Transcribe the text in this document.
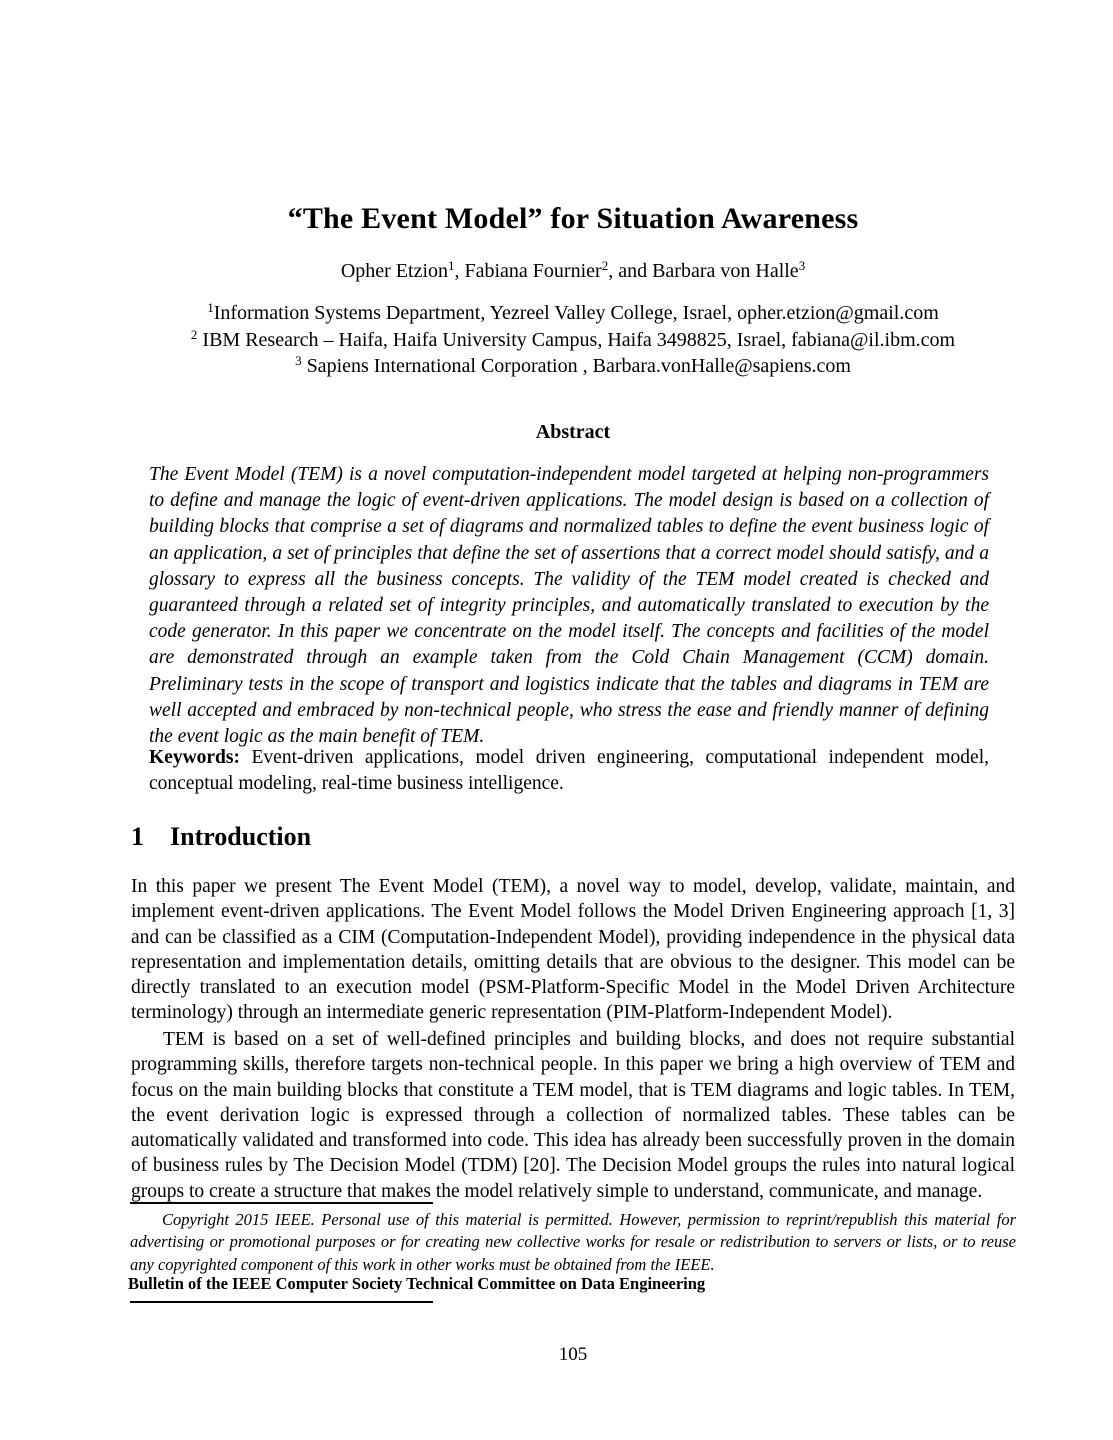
“The Event Model” for Situation Awareness
Opher Etzion$^1$, Fabiana Fournier$^2$, and Barbara von Halle$^3$
$^1$Information Systems Department, Yezreel Valley College, Israel, opher.etzion@gmail.com
$^2$ IBM Research – Haifa, Haifa University Campus, Haifa 3498825, Israel, fabiana@il.ibm.com
$^3$ Sapiens International Corporation , Barbara.vonHalle@sapiens.com
Abstract
The Event Model (TEM) is a novel computation-independent model targeted at helping non-programmers to define and manage the logic of event-driven applications. The model design is based on a collection of building blocks that comprise a set of diagrams and normalized tables to define the event business logic of an application, a set of principles that define the set of assertions that a correct model should satisfy, and a glossary to express all the business concepts. The validity of the TEM model created is checked and guaranteed through a related set of integrity principles, and automatically translated to execution by the code generator. In this paper we concentrate on the model itself. The concepts and facilities of the model are demonstrated through an example taken from the Cold Chain Management (CCM) domain. Preliminary tests in the scope of transport and logistics indicate that the tables and diagrams in TEM are well accepted and embraced by non-technical people, who stress the ease and friendly manner of defining the event logic as the main benefit of TEM.
Keywords: Event-driven applications, model driven engineering, computational independent model, conceptual modeling, real-time business intelligence.
1 Introduction
In this paper we present The Event Model (TEM), a novel way to model, develop, validate, maintain, and implement event-driven applications. The Event Model follows the Model Driven Engineering approach [1, 3] and can be classified as a CIM (Computation-Independent Model), providing independence in the physical data representation and implementation details, omitting details that are obvious to the designer. This model can be directly translated to an execution model (PSM-Platform-Specific Model in the Model Driven Architecture terminology) through an intermediate generic representation (PIM-Platform-Independent Model).
TEM is based on a set of well-defined principles and building blocks, and does not require substantial programming skills, therefore targets non-technical people. In this paper we bring a high overview of TEM and focus on the main building blocks that constitute a TEM model, that is TEM diagrams and logic tables. In TEM, the event derivation logic is expressed through a collection of normalized tables. These tables can be automatically validated and transformed into code. This idea has already been successfully proven in the domain of business rules by The Decision Model (TDM) [20]. The Decision Model groups the rules into natural logical groups to create a structure that makes the model relatively simple to understand, communicate, and manage.
Copyright 2015 IEEE. Personal use of this material is permitted. However, permission to reprint/republish this material for advertising or promotional purposes or for creating new collective works for resale or redistribution to servers or lists, or to reuse any copyrighted component of this work in other works must be obtained from the IEEE.
Bulletin of the IEEE Computer Society Technical Committee on Data Engineering
105
